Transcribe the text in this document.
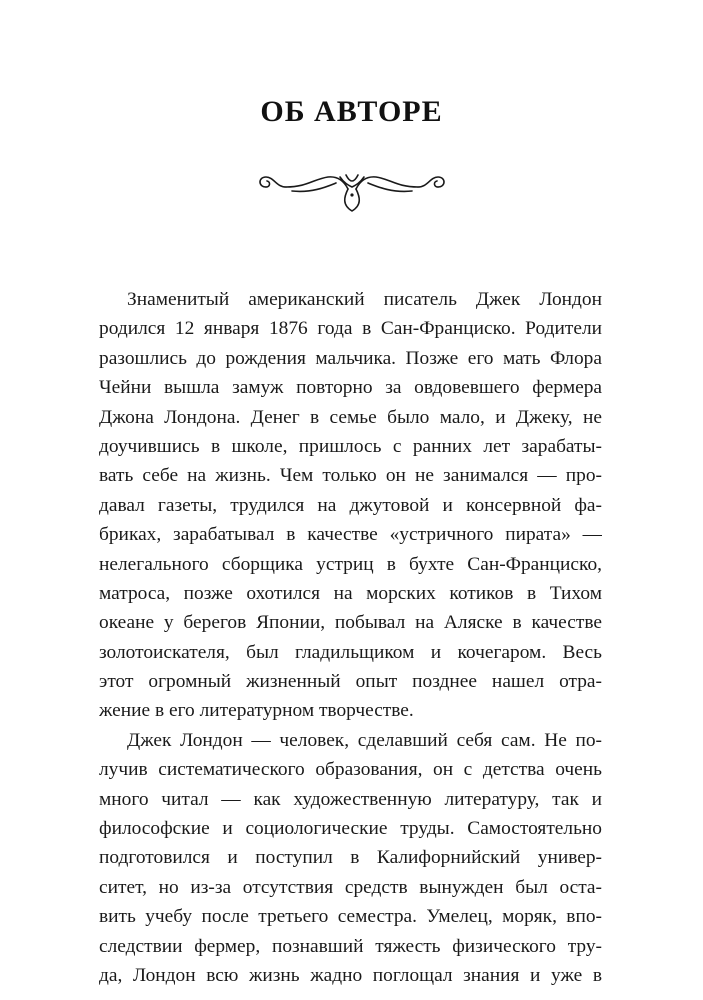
ОБ АВТОРЕ
Знаменитый американский писатель Джек Лондон
родился 12 января 1876 года в Сан-Франциско. Родители
разошлись до рождения мальчика. Позже его мать Флора
Чейни вышла замуж повторно за овдовевшего фермера
Джона Лондона. Денег в семье было мало, и Джеку, не
доучившись в школе, пришлось с ранних лет зарабаты-
вать себе на жизнь. Чем только он не занимался — про-
давал газеты, трудился на джутовой и консервной фа-
бриках, зарабатывал в качестве «устричного пирата» —
нелегального сборщика устриц в бухте Сан-Франциско,
матроса, позже охотился на морских котиков в Тихом
океане у берегов Японии, побывал на Аляске в качестве
золотоискателя, был гладильщиком и кочегаром. Весь
этот огромный жизненный опыт позднее нашел отра-
жение в его литературном творчестве.
Джек Лондон — человек, сделавший себя сам. Не по-
лучив систематического образования, он с детства очень
много читал — как художественную литературу, так и
философские и социологические труды. Самостоятельно
подготовился и поступил в Калифорнийский универ-
ситет, но из-за отсутствия средств вынужден был оста-
вить учебу после третьего семестра. Умелец, моряк, впо-
следствии фермер, познавший тяжесть физического тру-
да, Лондон всю жизнь жадно поглощал знания и уже в
